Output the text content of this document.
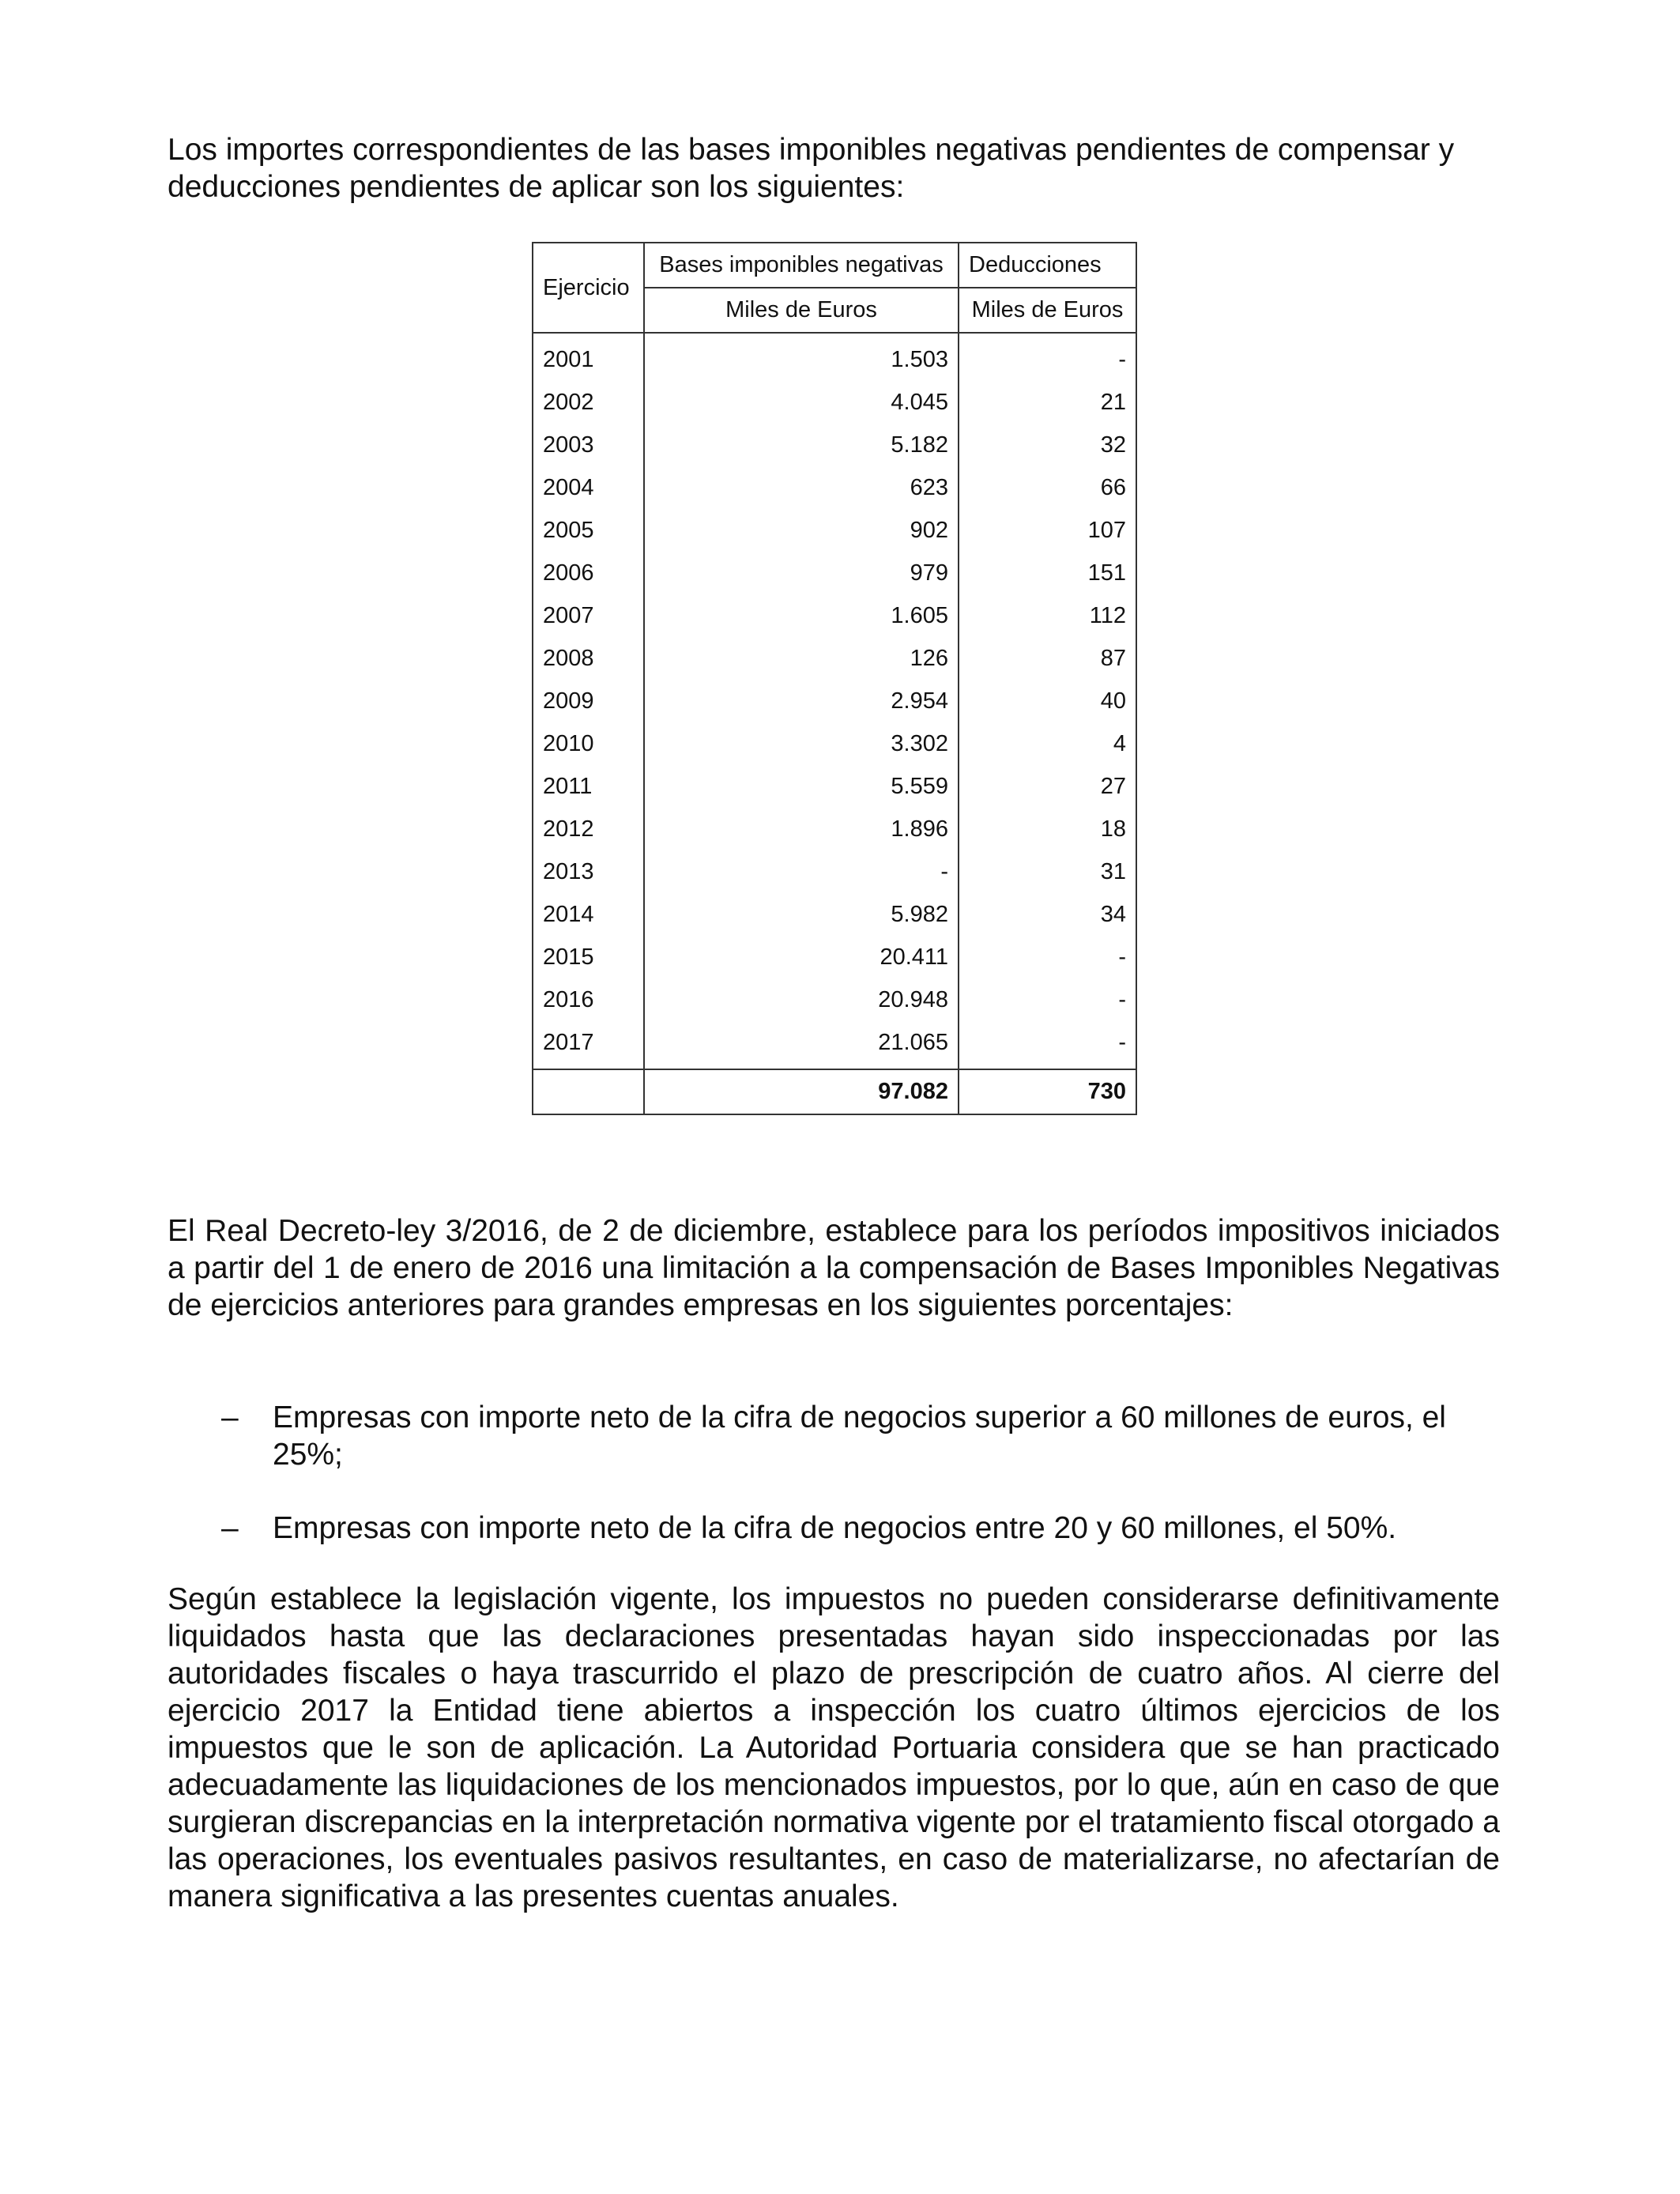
Los importes correspondientes de las bases imponibles negativas pendientes de compensar y deducciones pendientes de aplicar son los siguientes:

Ejercicio	Bases imponibles negativas	Deducciones
	Miles de Euros	Miles de Euros
2001	1.503	-
2002	4.045	21
2003	5.182	32
2004	623	66
2005	902	107
2006	979	151
2007	1.605	112
2008	126	87
2009	2.954	40
2010	3.302	4
2011	5.559	27
2012	1.896	18
2013	-	31
2014	5.982	34
2015	20.411	-
2016	20.948	-
2017	21.065	-
	97.082	730

El Real Decreto-ley 3/2016, de 2 de diciembre, establece para los períodos impositivos iniciados a partir del 1 de enero de 2016 una limitación a la compensación de Bases Imponibles Negativas de ejercicios anteriores para grandes empresas en los siguientes porcentajes:

– Empresas con importe neto de la cifra de negocios superior a 60 millones de euros, el 25%;
– Empresas con importe neto de la cifra de negocios entre 20 y 60 millones, el 50%.

Según establece la legislación vigente, los impuestos no pueden considerarse definitivamente liquidados hasta que las declaraciones presentadas hayan sido inspeccionadas por las autoridades fiscales o haya trascurrido el plazo de prescripción de cuatro años. Al cierre del ejercicio 2017 la Entidad tiene abiertos a inspección los cuatro últimos ejercicios de los impuestos que le son de aplicación. La Autoridad Portuaria considera que se han practicado adecuadamente las liquidaciones de los mencionados impuestos, por lo que, aún en caso de que surgieran discrepancias en la interpretación normativa vigente por el tratamiento fiscal otorgado a las operaciones, los eventuales pasivos resultantes, en caso de materializarse, no afectarían de manera significativa a las presentes cuentas anuales.
